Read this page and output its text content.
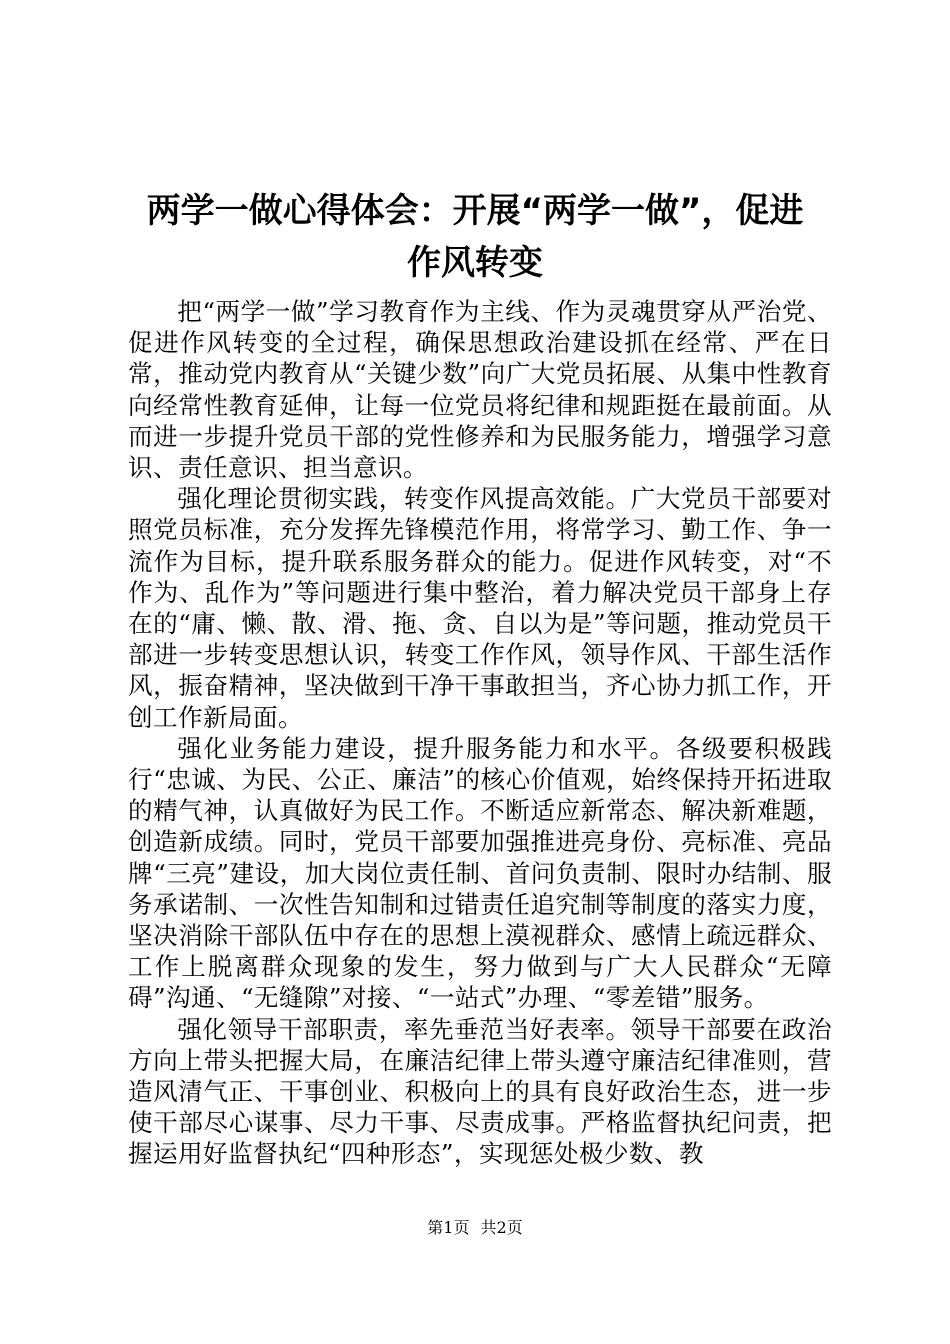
两学一做心得体会：开展“两学一做”，促进
作风转变

把“两学一做”学习教育作为主线、作为灵魂贯穿从严治党、促进作风转变的全过程，确保思想政治建设抓在经常、严在日常，推动党内教育从“关键少数”向广大党员拓展、从集中性教育向经常性教育延伸，让每一位党员将纪律和规距挺在最前面。从而进一步提升党员干部的党性修养和为民服务能力，增强学习意识、责任意识、担当意识。

强化理论贯彻实践，转变作风提高效能。广大党员干部要对照党员标准，充分发挥先锋模范作用，将常学习、勤工作、争一流作为目标，提升联系服务群众的能力。促进作风转变，对“不作为、乱作为”等问题进行集中整治，着力解决党员干部身上存在的“庸、懒、散、滑、拖、贪、自以为是”等问题，推动党员干部进一步转变思想认识，转变工作作风，领导作风、干部生活作风，振奋精神，坚决做到干净干事敢担当，齐心协力抓工作，开创工作新局面。

强化业务能力建设，提升服务能力和水平。各级要积极践行“忠诚、为民、公正、廉洁”的核心价值观，始终保持开拓进取的精气神，认真做好为民工作。不断适应新常态、解决新难题，创造新成绩。同时，党员干部要加强推进亮身份、亮标准、亮品牌“三亮”建设，加大岗位责任制、首问负责制、限时办结制、服务承诺制、一次性告知制和过错责任追究制等制度的落实力度，坚决消除干部队伍中存在的思想上漠视群众、感情上疏远群众、工作上脱离群众现象的发生，努力做到与广大人民群众“无障碍”沟通、“无缝隙”对接、“一站式”办理、“零差错”服务。

强化领导干部职责，率先垂范当好表率。领导干部要在政治方向上带头把握大局，在廉洁纪律上带头遵守廉洁纪律准则，营造风清气正、干事创业、积极向上的具有良好政治生态，进一步使干部尽心谋事、尽力干事、尽责成事。严格监督执纪问责，把握运用好监督执纪“四种形态”，实现惩处极少数、教

第1页 共2页
